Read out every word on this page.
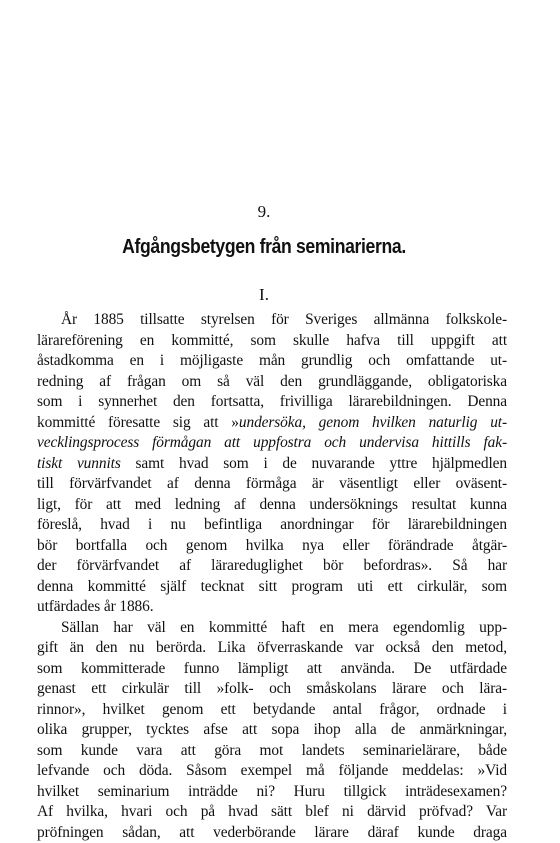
9.
Afgångsbetygen från seminarierna.
I.
År 1885 tillsatte styrelsen för Sveriges allmänna folkskole-
lärareförening en kommitté, som skulle hafva till uppgift att
åstadkomma en i möjligaste mån grundlig och omfattande ut-
redning af frågan om så väl den grundläggande, obligatoriska
som i synnerhet den fortsatta, frivilliga lärarebildningen. Denna
kommitté föresatte sig att »undersöka, genom hvilken naturlig ut-
vecklingsprocess förmågan att uppfostra och undervisa hittills fak-
tiskt vunnits samt hvad som i de nuvarande yttre hjälpmedlen
till förvärfvandet af denna förmåga är väsentligt eller oväsent-
ligt, för att med ledning af denna undersöknings resultat kunna
föreslå, hvad i nu befintliga anordningar för lärarebildningen
bör bortfalla och genom hvilka nya eller förändrade åtgär-
der förvärfvandet af lärareduglighet bör befordras». Så har
denna kommitté själf tecknat sitt program uti ett cirkulär, som
utfärdades år 1886.
Sällan har väl en kommitté haft en mera egendomlig upp-
gift än den nu berörda. Lika öfverraskande var också den metod,
som kommitterade funno lämpligt att använda. De utfärdade
genast ett cirkulär till »folk- och småskolans lärare och lära-
rinnor», hvilket genom ett betydande antal frågor, ordnade i
olika grupper, tycktes afse att sopa ihop alla de anmärkningar,
som kunde vara att göra mot landets seminarielärare, både
lefvande och döda. Såsom exempel må följande meddelas: »Vid
hvilket seminarium inträdde ni? Huru tillgick inträdesexamen?
Af hvilka, hvari och på hvad sätt blef ni därvid pröfvad? Var
pröfningen sådan, att vederbörande lärare däraf kunde draga
